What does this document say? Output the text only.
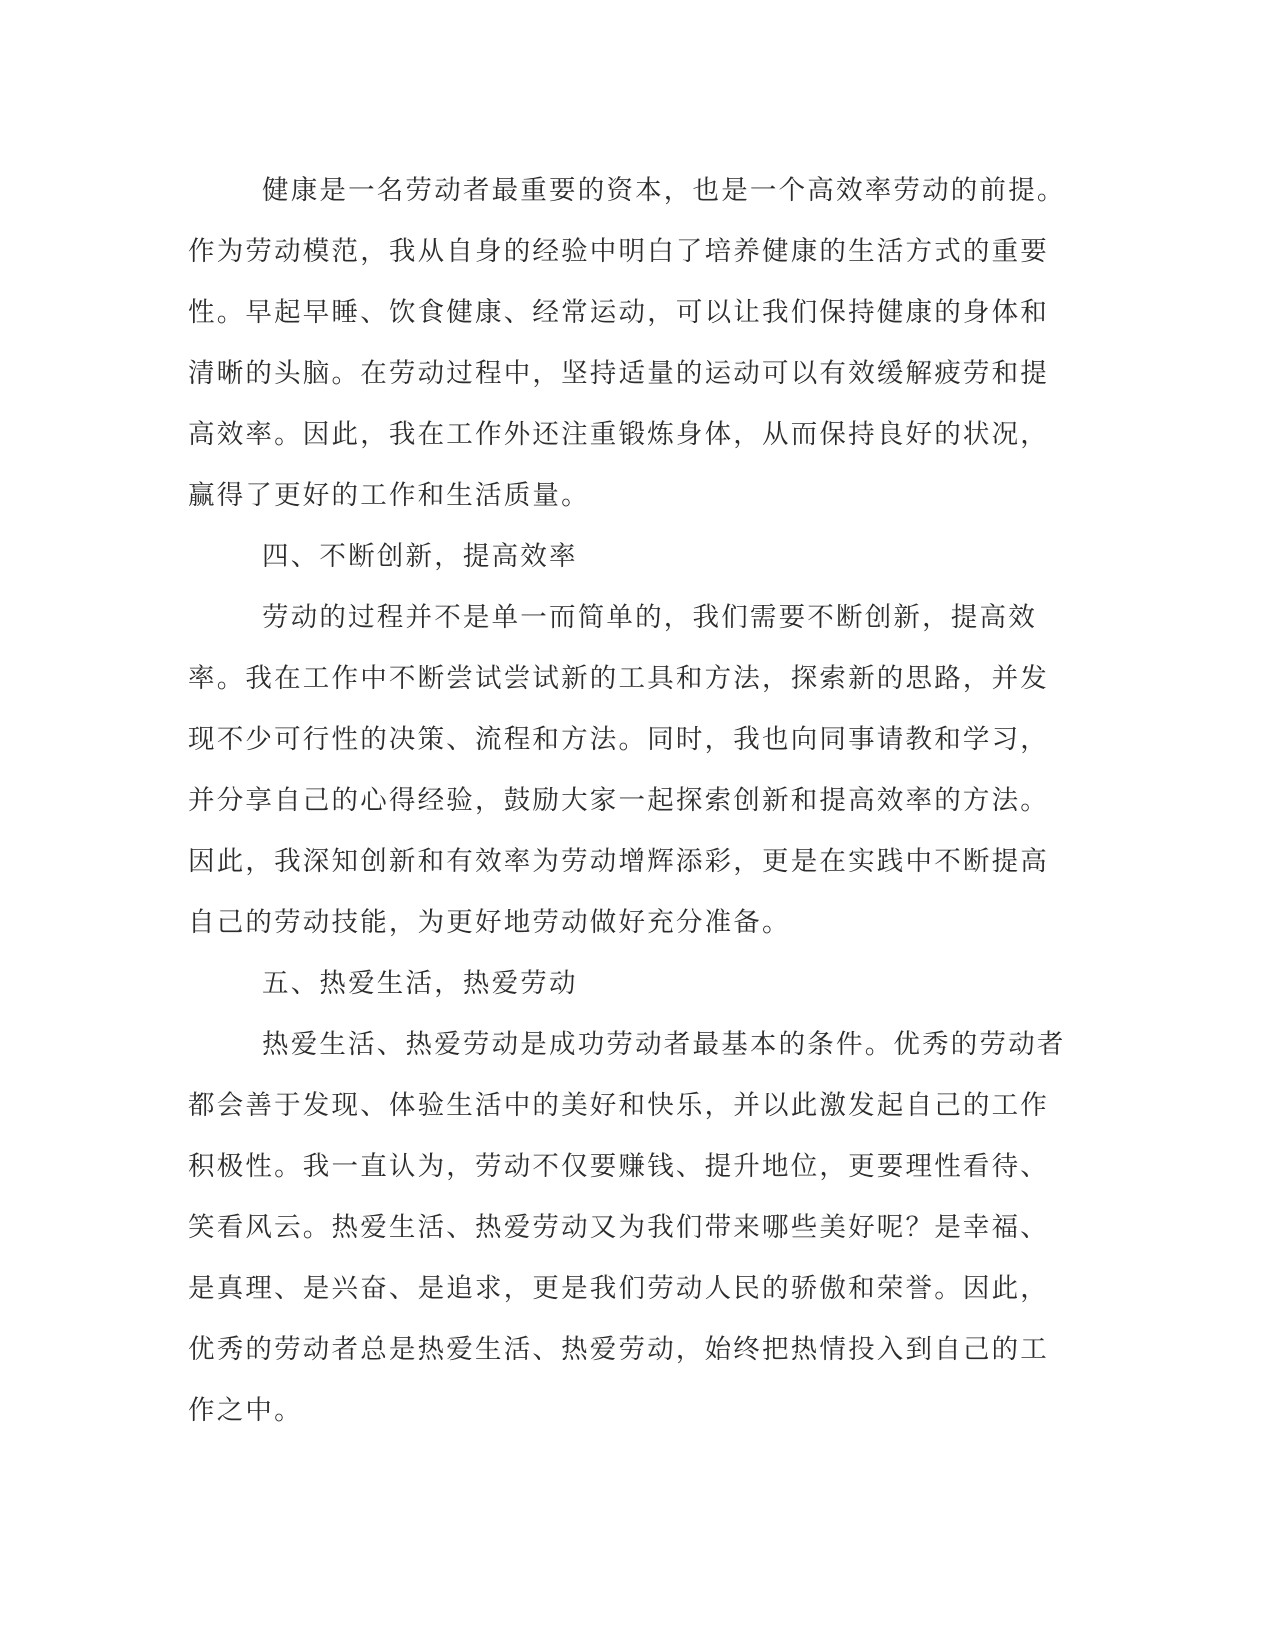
健康是一名劳动者最重要的资本，也是一个高效率劳动的前提。作为劳动模范，我从自身的经验中明白了培养健康的生活方式的重要性。早起早睡、饮食健康、经常运动，可以让我们保持健康的身体和清晰的头脑。在劳动过程中，坚持适量的运动可以有效缓解疲劳和提高效率。因此，我在工作外还注重锻炼身体，从而保持良好的状况，赢得了更好的工作和生活质量。

四、不断创新，提高效率

劳动的过程并不是单一而简单的，我们需要不断创新，提高效率。我在工作中不断尝试尝试新的工具和方法，探索新的思路，并发现不少可行性的决策、流程和方法。同时，我也向同事请教和学习，并分享自己的心得经验，鼓励大家一起探索创新和提高效率的方法。因此，我深知创新和有效率为劳动增辉添彩，更是在实践中不断提高自己的劳动技能，为更好地劳动做好充分准备。

五、热爱生活，热爱劳动

热爱生活、热爱劳动是成功劳动者最基本的条件。优秀的劳动者都会善于发现、体验生活中的美好和快乐，并以此激发起自己的工作积极性。我一直认为，劳动不仅要赚钱、提升地位，更要理性看待、笑看风云。热爱生活、热爱劳动又为我们带来哪些美好呢？是幸福、是真理、是兴奋、是追求，更是我们劳动人民的骄傲和荣誉。因此，优秀的劳动者总是热爱生活、热爱劳动，始终把热情投入到自己的工作之中。
